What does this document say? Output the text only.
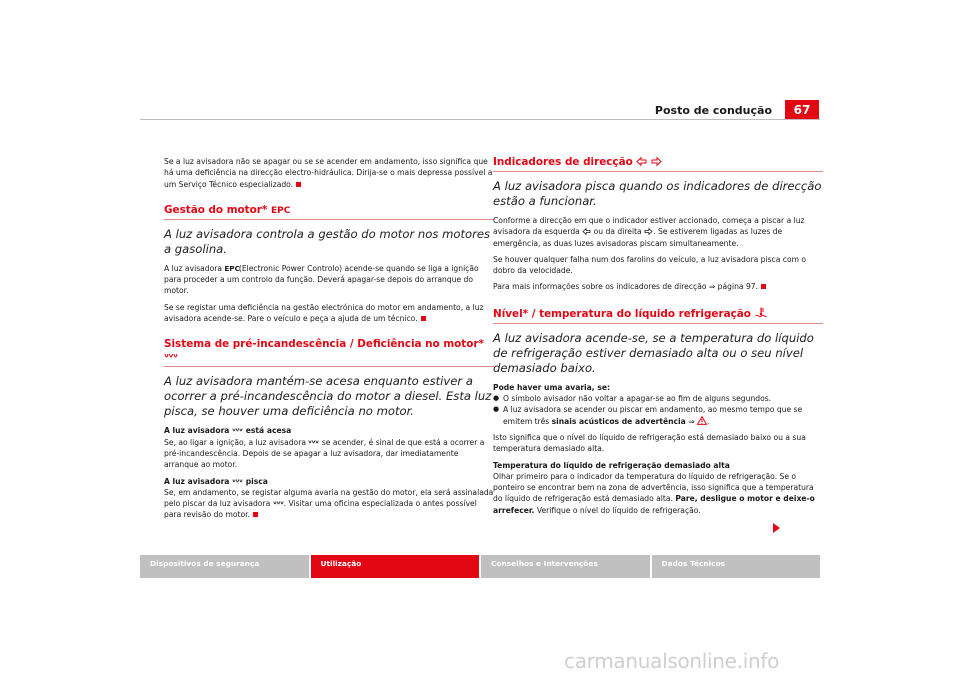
Posto de condução	67

Se a luz avisadora não se apagar ou se se acender em andamento, isso significa que há uma deficiência na direcção electro-hidráulica. Dirija-se o mais depressa possível a um Serviço Técnico especializado.

Gestão do motor* EPC
A luz avisadora controla a gestão do motor nos motores a gasolina.

A luz avisadora EPC
(Electronic Power Controlo) acende-se quando se liga a ignição para proceder a um controlo da função. Deverá apagar-se depois do arranque do motor.

Se se registar uma deficiência na gestão electrónica do motor em andamento, a luz avisadora acende-se. Pare o veículo e peça a ajuda de um técnico.

Sistema de pré-incandescência / Deficiência no motor*
A luz avisadora mantém-se acesa enquanto estiver a ocorrer a pré-incandescência do motor a diesel. Esta luz pisca, se houver uma deficiência no motor.

A luz avisadora está acesa

Se, ao ligar a ignição, a luz avisadora se acender, é sinal de que está a ocorrer a pré-incandescência. Depois de se apagar a luz avisadora, dar imediatamente arranque ao motor.

A luz avisadora pisca

Se, em andamento, se registar alguma avaria na gestão do motor, ela será assinalada pelo piscar da luz avisadora . Visitar uma oficina especializada o antes possível para revisão do motor.

Indicadores de direcção
A luz avisadora pisca quando os indicadores de direcção estão a funcionar.

Conforme a direcção em que o indicador estiver accionado, começa a piscar a luz avisadora da esquerda ou da direita . Se estiverem ligadas as luzes de emergência, as duas luzes avisadoras piscam simultaneamente.

Se houver qualquer falha num dos farolins do veículo, a luz avisadora pisca com o dobro da velocidade.

Para mais informações sobre os indicadores de direcção ⇒ página 97.

Nível* / temperatura do líquido refrigeração
A luz avisadora acende-se, se a temperatura do líquido de refrigeração estiver demasiado alta ou o seu nível demasiado baixo.

Pode haver uma avaria, se:

● O símbolo avisador não voltar a apagar-se ao fim de alguns segundos.
● A luz avisadora se acender ou piscar em andamento, ao mesmo tempo que se emitem três sinais acústicos de advertência ⇒ .

Isto significa que o nível do líquido de refrigeração está demasiado baixo ou a sua temperatura demasiado alta.

Temperatura do líquido de refrigeração demasiado alta

Olhar primeiro para o indicador da temperatura do líquido de refrigeração. Se o ponteiro se encontrar bem na zona de advertência, isso significa que a temperatura do líquido de refrigeração está demasiado alta. Pare, desligue o motor e deixe-o arrefecer. Verifique o nível do líquido de refrigeração.

Dispositivos de segurança	Utilização	Conselhos e Intervenções	Dados Técnicos
carmanualsonline.info
